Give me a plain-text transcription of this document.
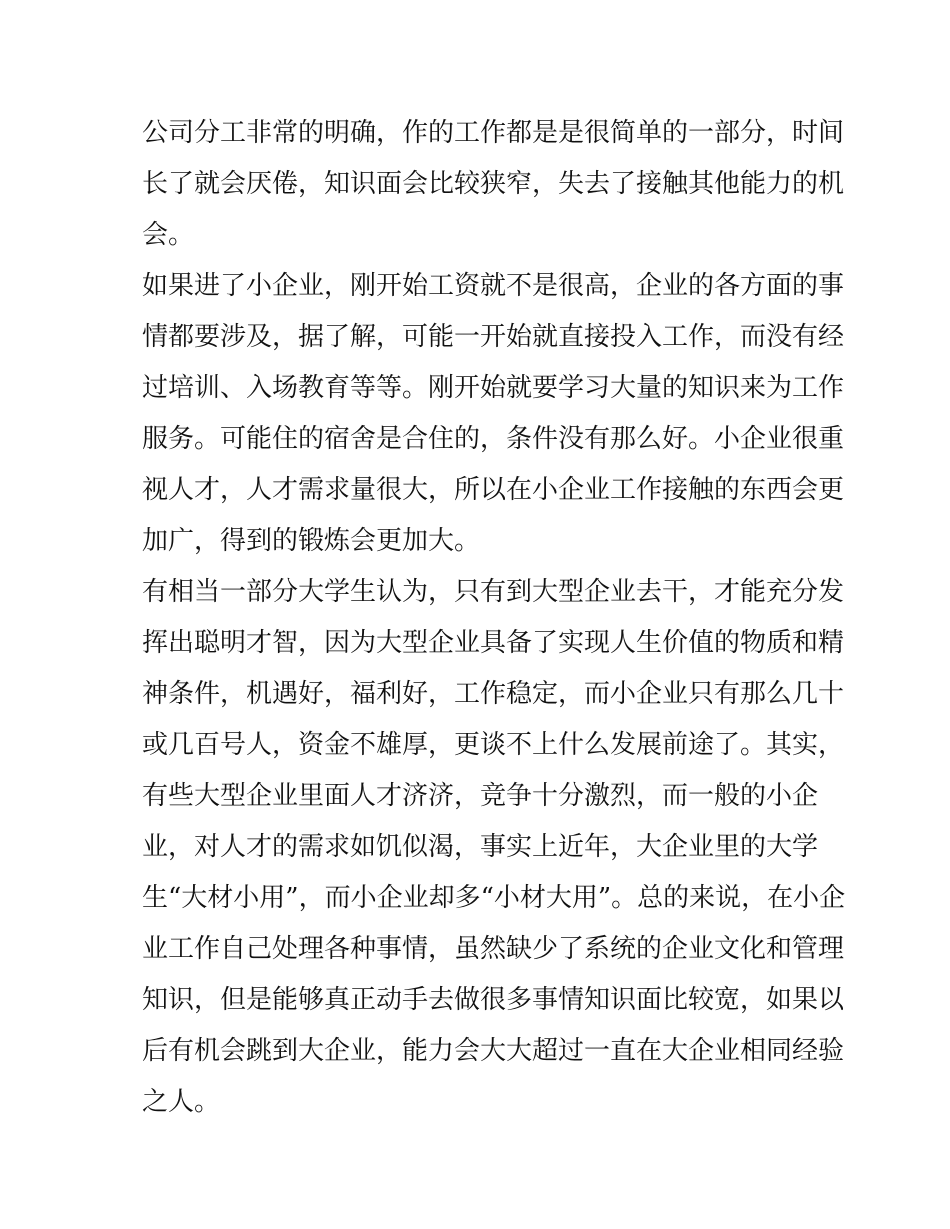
公司分工非常的明确，作的工作都是是很简单的一部分，时间
长了就会厌倦，知识面会比较狭窄，失去了接触其他能力的机
会。
如果进了小企业，刚开始工资就不是很高，企业的各方面的事
情都要涉及，据了解，可能一开始就直接投入工作，而没有经
过培训、入场教育等等。刚开始就要学习大量的知识来为工作
服务。可能住的宿舍是合住的，条件没有那么好。小企业很重
视人才，人才需求量很大，所以在小企业工作接触的东西会更
加广，得到的锻炼会更加大。
有相当一部分大学生认为，只有到大型企业去干，才能充分发
挥出聪明才智，因为大型企业具备了实现人生价值的物质和精
神条件，机遇好，福利好，工作稳定，而小企业只有那么几十
或几百号人，资金不雄厚，更谈不上什么发展前途了。其实，
有些大型企业里面人才济济，竞争十分激烈，而一般的小企
业，对人才的需求如饥似渴，事实上近年，大企业里的大学
生“大材小用”，而小企业却多“小材大用”。总的来说，在小企
业工作自己处理各种事情，虽然缺少了系统的企业文化和管理
知识，但是能够真正动手去做很多事情知识面比较宽，如果以
后有机会跳到大企业，能力会大大超过一直在大企业相同经验
之人。
